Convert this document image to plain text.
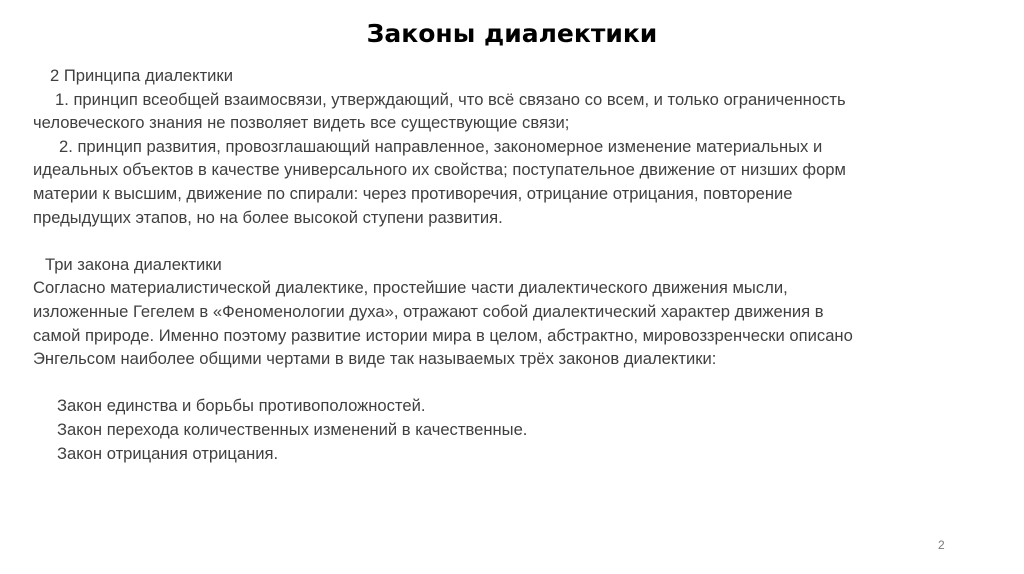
Законы диалектики
2 Принципа диалектики
1. принцип всеобщей взаимосвязи, утверждающий, что всё связано со всем, и только ограниченность
человеческого знания не позволяет видеть все существующие связи;
2. принцип развития, провозглашающий направленное, закономерное изменение материальных и
идеальных объектов в качестве универсального их свойства; поступательное движение от низших форм
материи к высшим, движение по спирали: через противоречия, отрицание отрицания, повторение
предыдущих этапов, но на более высокой ступени развития.
Три закона диалектики
Согласно материалистической диалектике, простейшие части диалектического движения мысли,
изложенные Гегелем в «Феноменологии духа», отражают собой диалектический характер движения в
самой природе. Именно поэтому развитие истории мира в целом, абстрактно, мировоззренчески описано
Энгельсом наиболее общими чертами в виде так называемых трёх законов диалектики:
Закон единства и борьбы противоположностей.
Закон перехода количественных изменений в качественные.
Закон отрицания отрицания.
2
